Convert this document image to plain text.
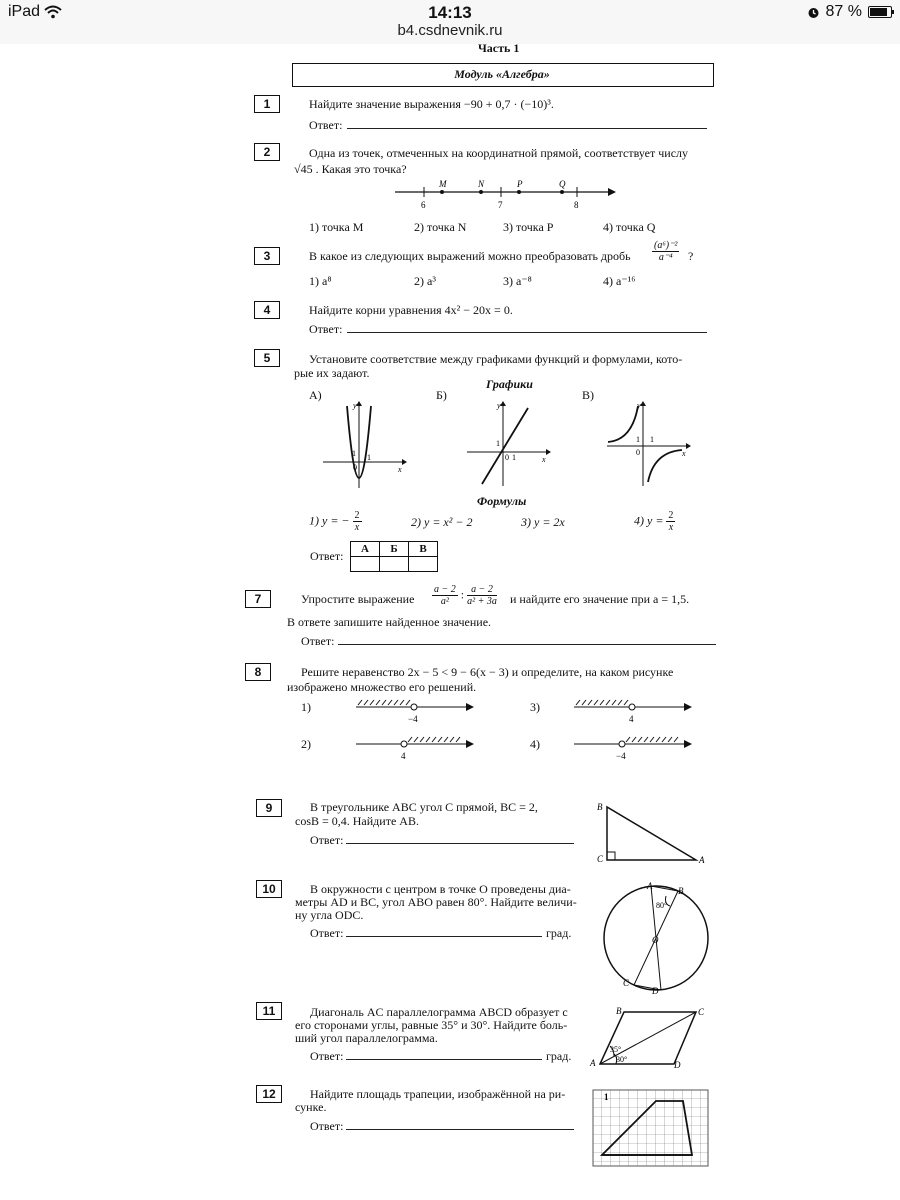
iPad	14:13
b4.csdnevnik.ru
87 %
Часть 1
Модуль «Алгебра»
1	Найдите значение выражения −90 + 0,7 · (−10)³.
Ответ:
2	Одна из точек, отмеченных на координатной прямой, соответствует числу
√45 . Какая это точка?
M	N	P	Q
6	7	8
1) точка M	2) точка N	3) точка P	4) точка Q
3	В какое из следующих выражений можно преобразовать дробь $\frac{\text{(a⁶)⁻²}}{\text{a⁻⁴}}$ ?
1) a⁸	2) a³	3) a⁻⁸	4) a⁻¹⁶
4	Найдите корни уравнения 4x² − 20x = 0.
Ответ:
5	Установите соответствие между графиками функций и формулами, кото-
рые их задают.
Графики
А)	Б)	В)
y
x
0
1 1
y
x
0
1
1
y
x
0
1 1
Формулы
1) y = − $\frac{2}{x}$	2) y = x² − 2	3) y = 2x	4) $y = \frac{2}{x}$
Ответ: А	Б	В

7	Упростите выражение $\frac{a - 2}{\text{a²}}$ : $\frac{a - 2}{\text{a² + 3a}}$ и найдите его значение при a = 1,5.
В ответе запишите найденное значение.
Ответ:
8	Решите неравенство 2x − 5 < 9 − 6(x − 3) и определите, на каком рисунке
изображено множество его решений.
1)
−4
2)
4
3)
4
4)
−4
9	В треугольнике ABC угол C прямой, BC = 2,
cosB = 0,4. Найдите AB.
Ответ:
B
C	A
10	В окружности с центром в точке O проведены диа-
метры AD и BC, угол ABO равен 80°. Найдите величи-
ну угла ODC.
Ответ:	град.
A	B
O
C
D
80°
11	Диагональ AC параллелограмма ABCD образует с
его сторонами углы, равные 35° и 30°. Найдите боль-
ший угол параллелограмма.
Ответ:	град.
B	C
A	D
35°
30°
12	Найдите площадь трапеции, изображённой на ри-
сунке.
Ответ:
1
